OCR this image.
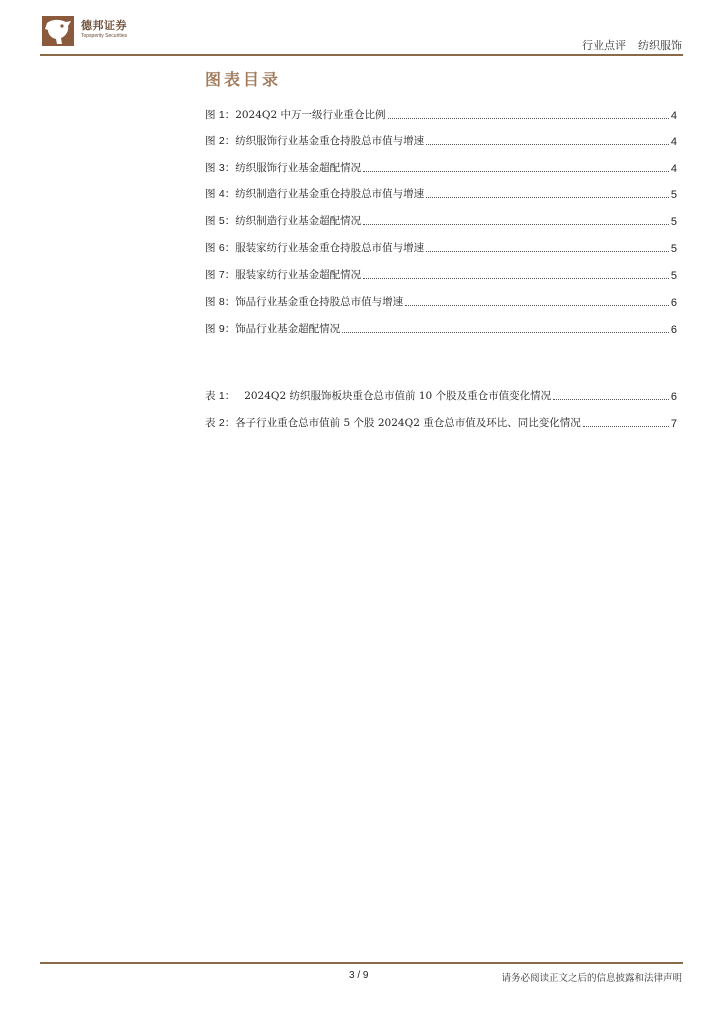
德邦证券
Topsperity Securities
行业点评 纺织服饰
图表目录
图 1：2024Q2 中万一级行业重仓比例	4
图 2：纺织服饰行业基金重仓持股总市值与增速	4
图 3：纺织服饰行业基金超配情况	4
图 4：纺织制造行业基金重仓持股总市值与增速	5
图 5：纺织制造行业基金超配情况	5
图 6：服装家纺行业基金重仓持股总市值与增速	5
图 7：服装家纺行业基金超配情况	5
图 8：饰品行业基金重仓持股总市值与增速	6
图 9：饰品行业基金超配情况	6
表 1： 2024Q2 纺织服饰板块重仓总市值前 10 个股及重仓市值变化情况	6
表 2：各子行业重仓总市值前 5 个股 2024Q2 重仓总市值及环比、同比变化情况	7
3 / 9	请务必阅读正文之后的信息披露和法律声明
